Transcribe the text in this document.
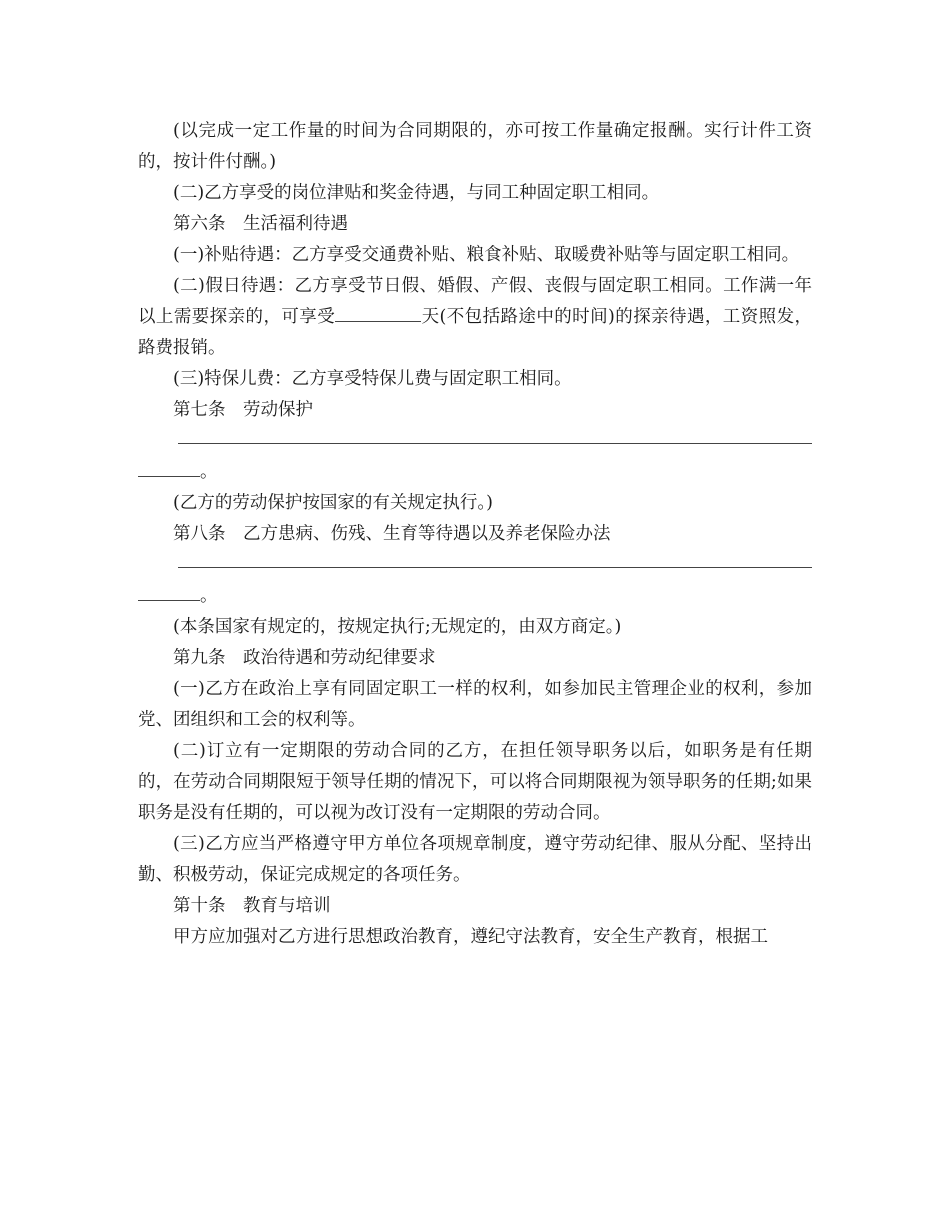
(以完成一定工作量的时间为合同期限的，亦可按工作量确定报酬。实行计件工资的，按计件付酬。)

(二)乙方享受的岗位津贴和奖金待遇，与同工种固定职工相同。

第六条　生活福利待遇

(一)补贴待遇：乙方享受交通费补贴、粮食补贴、取暖费补贴等与固定职工相同。

(二)假日待遇：乙方享受节日假、婚假、产假、丧假与固定职工相同。工作满一年以上需要探亲的，可享受	天(不包括路途中的时间)的探亲待遇，工资照发，路费报销。

(三)特保儿费：乙方享受特保儿费与固定职工相同。

第七条　劳动保护

。

(乙方的劳动保护按国家的有关规定执行。)

第八条　乙方患病、伤残、生育等待遇以及养老保险办法

。

(本条国家有规定的，按规定执行;无规定的，由双方商定。)

第九条　政治待遇和劳动纪律要求

(一)乙方在政治上享有同固定职工一样的权利，如参加民主管理企业的权利，参加党、团组织和工会的权利等。

(二)订立有一定期限的劳动合同的乙方，在担任领导职务以后，如职务是有任期的，在劳动合同期限短于领导任期的情况下，可以将合同期限视为领导职务的任期;如果职务是没有任期的，可以视为改订没有一定期限的劳动合同。

(三)乙方应当严格遵守甲方单位各项规章制度，遵守劳动纪律、服从分配、坚持出勤、积极劳动，保证完成规定的各项任务。

第十条　教育与培训

甲方应加强对乙方进行思想政治教育，遵纪守法教育，安全生产教育，根据工
